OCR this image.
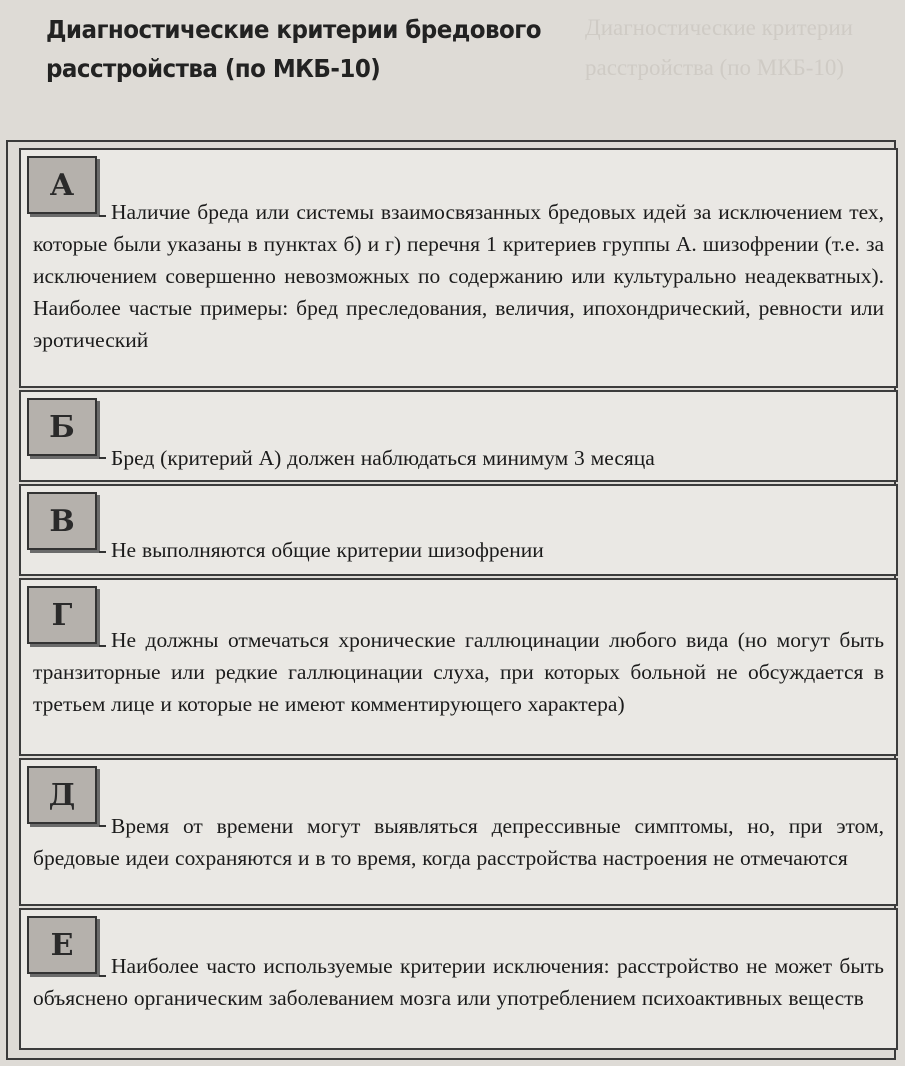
Диагностические критерии
расстройства (по МКБ-10)
Диагностические критерии бредового
расстройства (по МКБ-10)
А
Наличие бреда или системы взаимосвязанных бредовых идей за исключением тех, которые были указаны в пунктах б) и г) перечня 1 критериев группы А. шизофрении (т.е. за исключением совершенно невозможных по содержанию или культурально неадекватных). Наиболее частые примеры: бред преследования, величия, ипохондрический, ревности или эротический
Б
Бред (критерий А) должен наблюдаться минимум 3 месяца
В
Не выполняются общие критерии шизофрении
Г
Не должны отмечаться хронические галлюцинации любого вида (но могут быть транзиторные или редкие галлюцинации слуха, при которых больной не обсуждается в третьем лице и которые не имеют комментирующего характера)
Д
Время от времени могут выявляться депрессивные симптомы, но, при этом, бредовые идеи сохраняются и в то время, когда расстройства настроения не отмечаются
Е
Наиболее часто используемые критерии исключения: расстройство не может быть объяснено органическим заболеванием мозга или употреблением психоактивных веществ
